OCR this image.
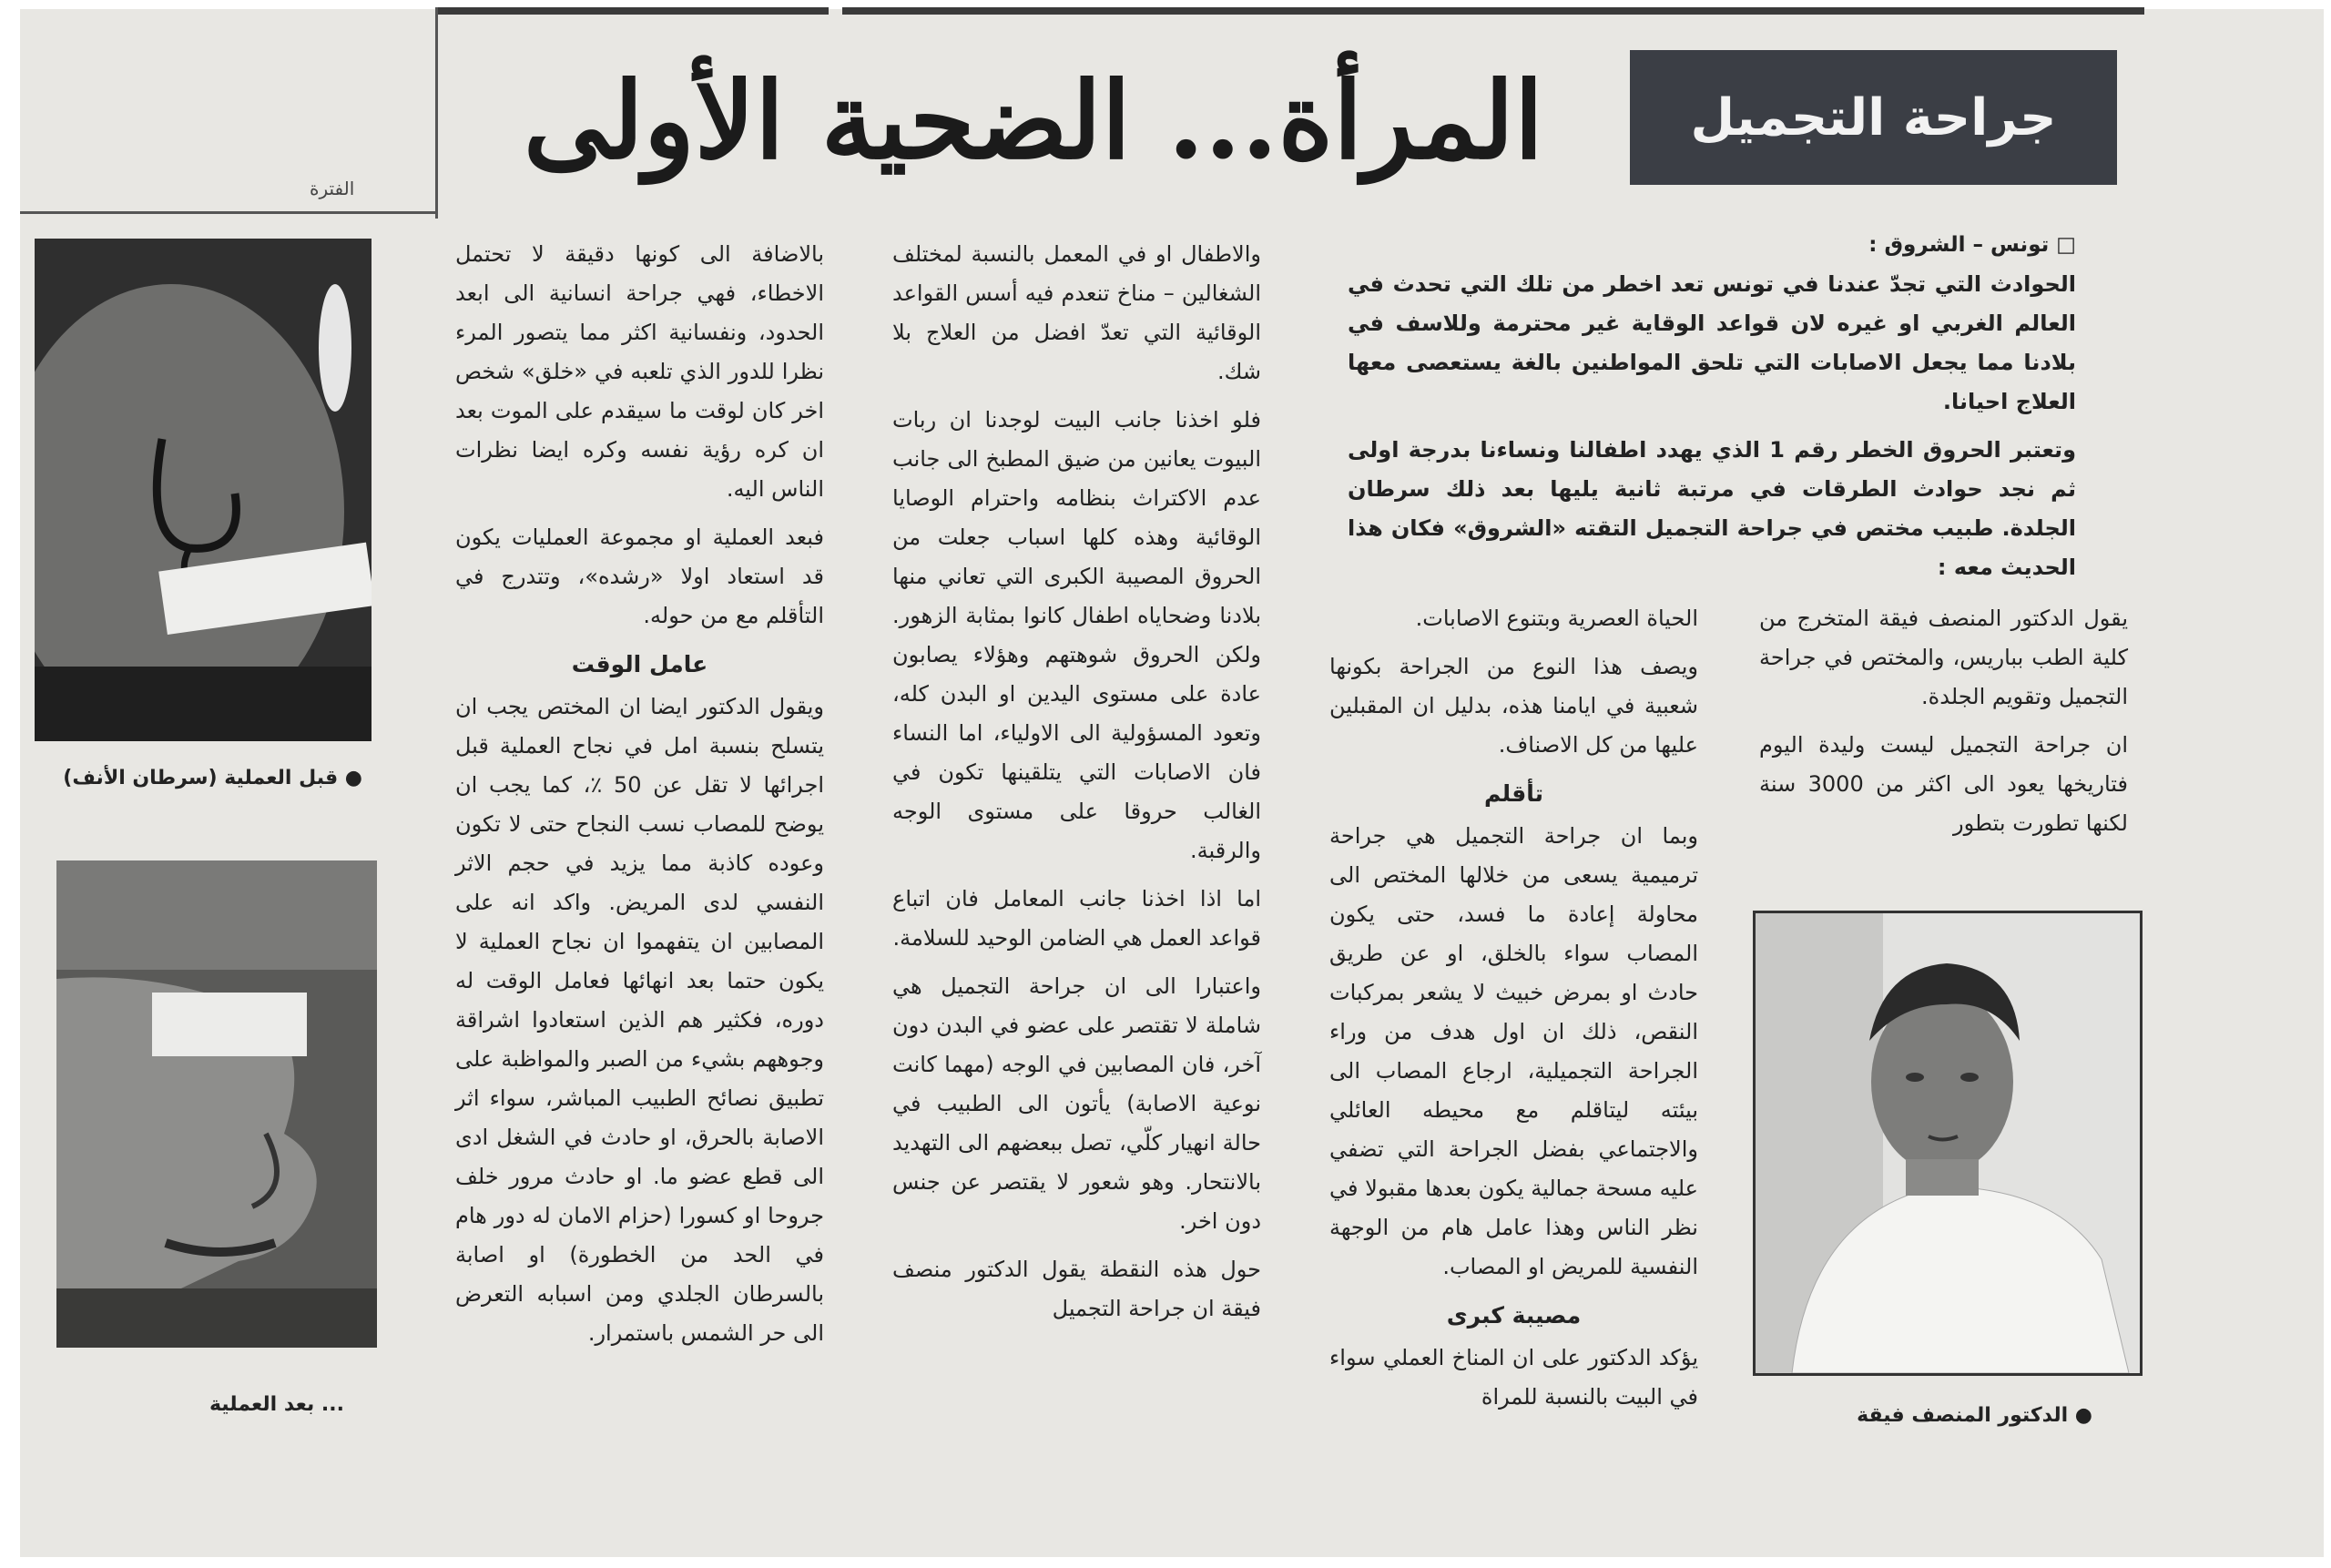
الفترة
جراحة التجميل
المرأة... الضحية الأولى
□ تونس – الشروق :

الحوادث التي تجدّ عندنا في تونس تعد اخطر من تلك التي تحدث في العالم الغربي او غيره لان قواعد الوقاية غير محترمة وللاسف في بلادنا مما يجعل الاصابات التي تلحق المواطنين بالغة يستعصى معها العلاج احيانا.

وتعتبر الحروق الخطر رقم 1 الذي يهدد اطفالنا ونساءنا بدرجة اولى ثم نجد حوادث الطرقات في مرتبة ثانية يليها بعد ذلك سرطان الجلدة. طبيب مختص في جراحة التجميل التقته «الشروق» فكان هذا الحديث معه :

يقول الدكتور المنصف فيقة المتخرج من كلية الطب بباريس، والمختص في جراحة التجميل وتقويم الجلدة.

ان جراحة التجميل ليست وليدة اليوم فتاريخها يعود الى اكثر من 3000 سنة لكنها تطورت بتطور

● الدكتور المنصف فيقة

الحياة العصرية وبتنوع الاصابات.

ويصف هذا النوع من الجراحة بكونها شعبية في ايامنا هذه، بدليل ان المقبلين عليها من كل الاصناف.

تأقلم

وبما ان جراحة التجميل هي جراحة ترميمية يسعى من خلالها المختص الى محاولة إعادة ما فسد، حتى يكون المصاب سواء بالخلق، او عن طريق حادث او بمرض خبيث لا يشعر بمركبات النقص، ذلك ان اول هدف من وراء الجراحة التجميلية، ارجاع المصاب الى بيئته ليتاقلم مع محيطه العائلي والاجتماعي بفضل الجراحة التي تضفي عليه مسحة جمالية يكون بعدها مقبولا في نظر الناس وهذا عامل هام من الوجهة النفسية للمريض او المصاب.

مصيبة كبرى

يؤكد الدكتور على ان المناخ العملي سواء في البيت بالنسبة للمراة

والاطفال او في المعمل بالنسبة لمختلف الشغالين – مناخ تنعدم فيه أسس القواعد الوقائية التي تعدّ افضل من العلاج بلا شك.

فلو اخذنا جانب البيت لوجدنا ان ربات البيوت يعانين من ضيق المطبخ الى جانب عدم الاكتراث بنظامه واحترام الوصايا الوقائية وهذه كلها اسباب جعلت من الحروق المصيبة الكبرى التي تعاني منها بلادنا وضحاياه اطفال كانوا بمثابة الزهور. ولكن الحروق شوهتهم وهؤلاء يصابون عادة على مستوى اليدين او البدن كله، وتعود المسؤولية الى الاولياء، اما النساء فان الاصابات التي يتلقينها تكون في الغالب حروقا على مستوى الوجه والرقبة.

اما اذا اخذنا جانب المعامل فان اتباع قواعد العمل هي الضامن الوحيد للسلامة.

واعتبارا الى ان جراحة التجميل هي شاملة لا تقتصر على عضو في البدن دون آخر، فان المصابين في الوجه (مهما كانت نوعية الاصابة) يأتون الى الطبيب في حالة انهيار كلّي، تصل ببعضهم الى التهديد بالانتحار. وهو شعور لا يقتصر عن جنس دون اخر.

حول هذه النقطة يقول الدكتور منصف فيقة ان جراحة التجميل

بالاضافة الى كونها دقيقة لا تحتمل الاخطاء، فهي جراحة انسانية الى ابعد الحدود، ونفسانية اكثر مما يتصور المرء نظرا للدور الذي تلعبه في «خلق» شخص اخر كان لوقت ما سيقدم على الموت بعد ان كره رؤية نفسه وكره ايضا نظرات الناس اليه.

فبعد العملية او مجموعة العمليات يكون قد استعاد اولا «رشده»، وتتدرج في التأقلم مع من حوله.

عامل الوقت

ويقول الدكتور ايضا ان المختص يجب ان يتسلح بنسبة امل في نجاح العملية قبل اجرائها لا تقل عن 50 ٪، كما يجب ان يوضح للمصاب نسب النجاح حتى لا تكون وعوده كاذبة مما يزيد في حجم الاثر النفسي لدى المريض. واكد انه على المصابين ان يتفهموا ان نجاح العملية لا يكون حتما بعد انهائها فعامل الوقت له دوره، فكثير هم الذين استعادوا اشراقة وجوههم بشيء من الصبر والمواظبة على تطبيق نصائح الطبيب المباشر، سواء اثر الاصابة بالحرق، او حادث في الشغل ادى الى قطع عضو ما. او حادث مرور خلف جروحا او كسورا (حزام الامان له دور هام في الحد من الخطورة) او اصابة بالسرطان الجلدي ومن اسبابه التعرض الى حر الشمس باستمرار.

● قبل العملية (سرطان الأنف)
... بعد العملية
